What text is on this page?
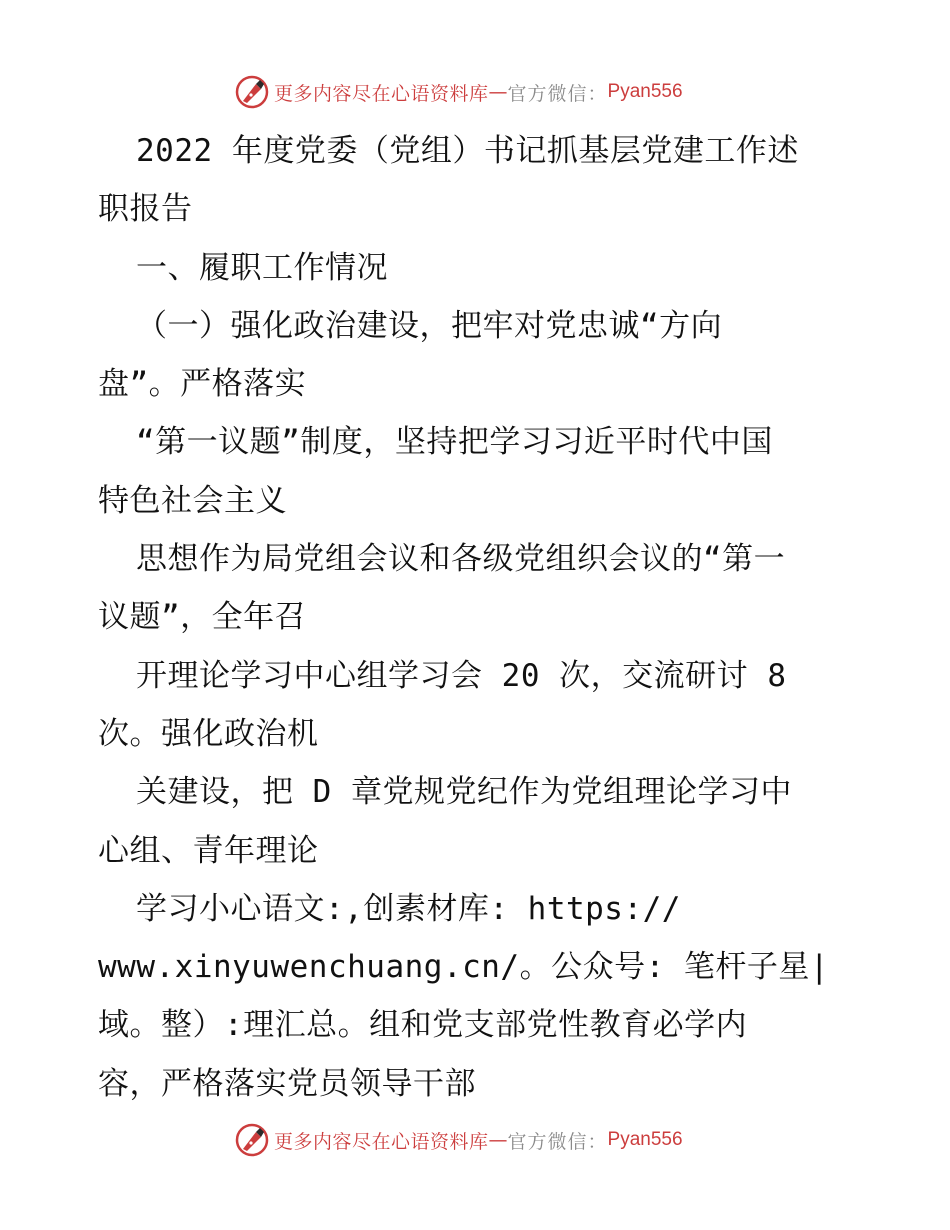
更多内容尽在心语资料库 — 官方微信： Pyan556
2022 年度党委（党组）书记抓基层党建工作述
职报告
一、履职工作情况
（一）强化政治建设，把牢对党忠诚“方向
盘”。严格落实
“第一议题”制度，坚持把学习习近平时代中国
特色社会主义
思想作为局党组会议和各级党组织会议的“第一
议题”，全年召
开理论学习中心组学习会 20 次，交流研讨 8
次。强化政治机
关建设，把 D 章党规党纪作为党组理论学习中
心组、青年理论
学习小心语文:,创素材库: https://
www.xinyuwenchuang.cn/。公众号: 笔杆子星|
域。整）:理汇总。组和党支部党性教育必学内
容，严格落实党员领导干部
更多内容尽在心语资料库 — 官方微信： Pyan556
